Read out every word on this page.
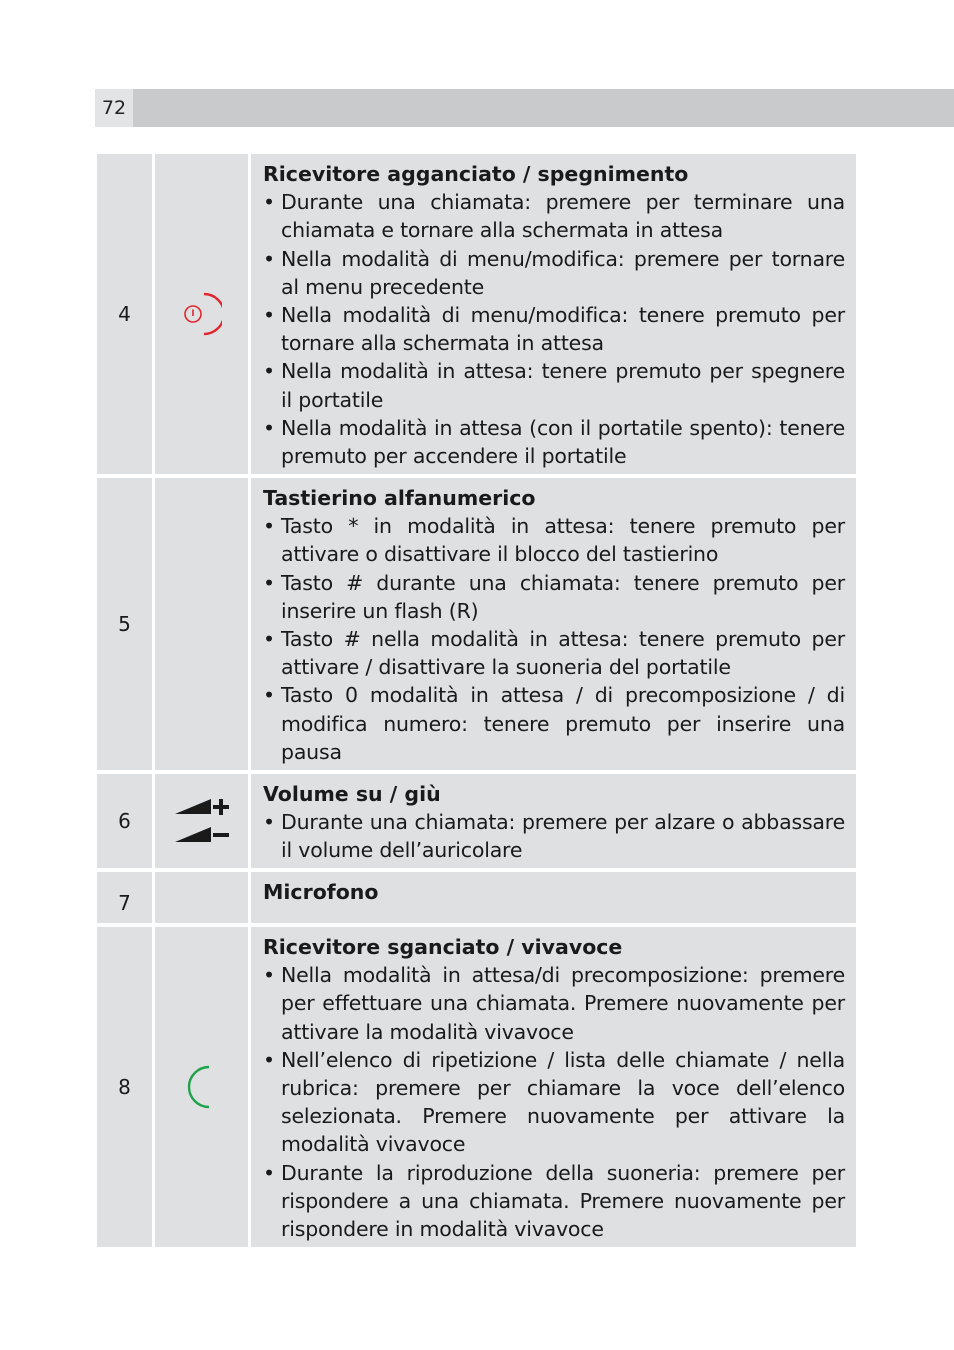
72
4
Ricevitore agganciato / spegnimento
• Durante una chiamata: premere per terminare una chiamata e tornare alla schermata in attesa
• Nella modalità di menu/modifica: premere per tornare al menu precedente
• Nella modalità di menu/modifica: tenere premuto per tornare alla schermata in attesa
• Nella modalità in attesa: tenere premuto per spegnere il portatile
• Nella modalità in attesa (con il portatile spento): tenere premuto per accendere il portatile
5
Tastierino alfanumerico
• Tasto * in modalità in attesa: tenere premuto per attivare o disattivare il blocco del tastierino
• Tasto # durante una chiamata: tenere premuto per inserire un flash (R)
• Tasto # nella modalità in attesa: tenere premuto per attivare / disattivare la suoneria del portatile
• Tasto 0 modalità in attesa / di precomposizione / di modifica numero: tenere premuto per inserire una pausa
6
Volume su / giù
• Durante una chiamata: premere per alzare o abbassare il volume dell’auricolare
7	Microfono
8
Ricevitore sganciato / vivavoce
• Nella modalità in attesa/di precomposizione: premere per effettuare una chiamata. Premere nuovamente per attivare la modalità vivavoce
• Nell’elenco di ripetizione / lista delle chiamate / nella rubrica: premere per chiamare la voce dell’elenco selezionata. Premere nuovamente per attivare la modalità vivavoce
• Durante la riproduzione della suoneria: premere per rispondere a una chiamata. Premere nuovamente per rispondere in modalità vivavoce
